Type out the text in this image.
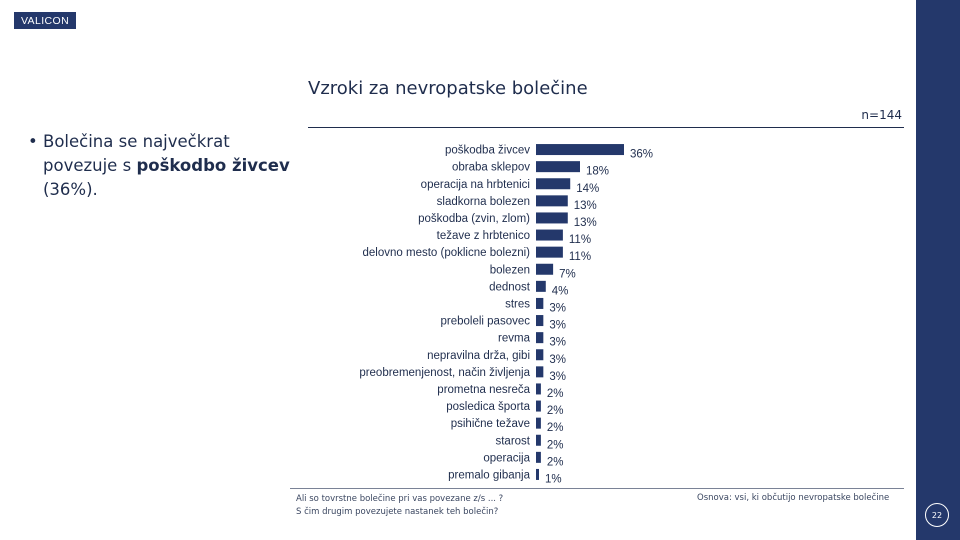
VALICON
22
Vzroki za nevropatske bolečine
n=144
• Bolečina se največkrat povezuje s poškodbo živcev (36%).
poškodba živcev	36%
obraba sklepov	18%
operacija na hrbtenici	14%
sladkorna bolezen	13%
poškodba (zvin, zlom)	13%
težave z hrbtenico	11%
delovno mesto (poklicne bolezni)	11%
bolezen	7%
dednost 4%
stres 3%
preboleli pasovec 3%
revma 3%
nepravilna drža, gibi 3%
preobremenjenost, način življenja 3%
prometna nesreča 2%
posledica športa 2%
psihične težave 2%
starost 2%
operacija 2%
premalo gibanja 1%
Ali so tovrstne bolečine pri vas povezane z/s ... ?
S čim drugim povezujete nastanek teh bolečin?
Osnova: vsi, ki občutijo nevropatske bolečine
